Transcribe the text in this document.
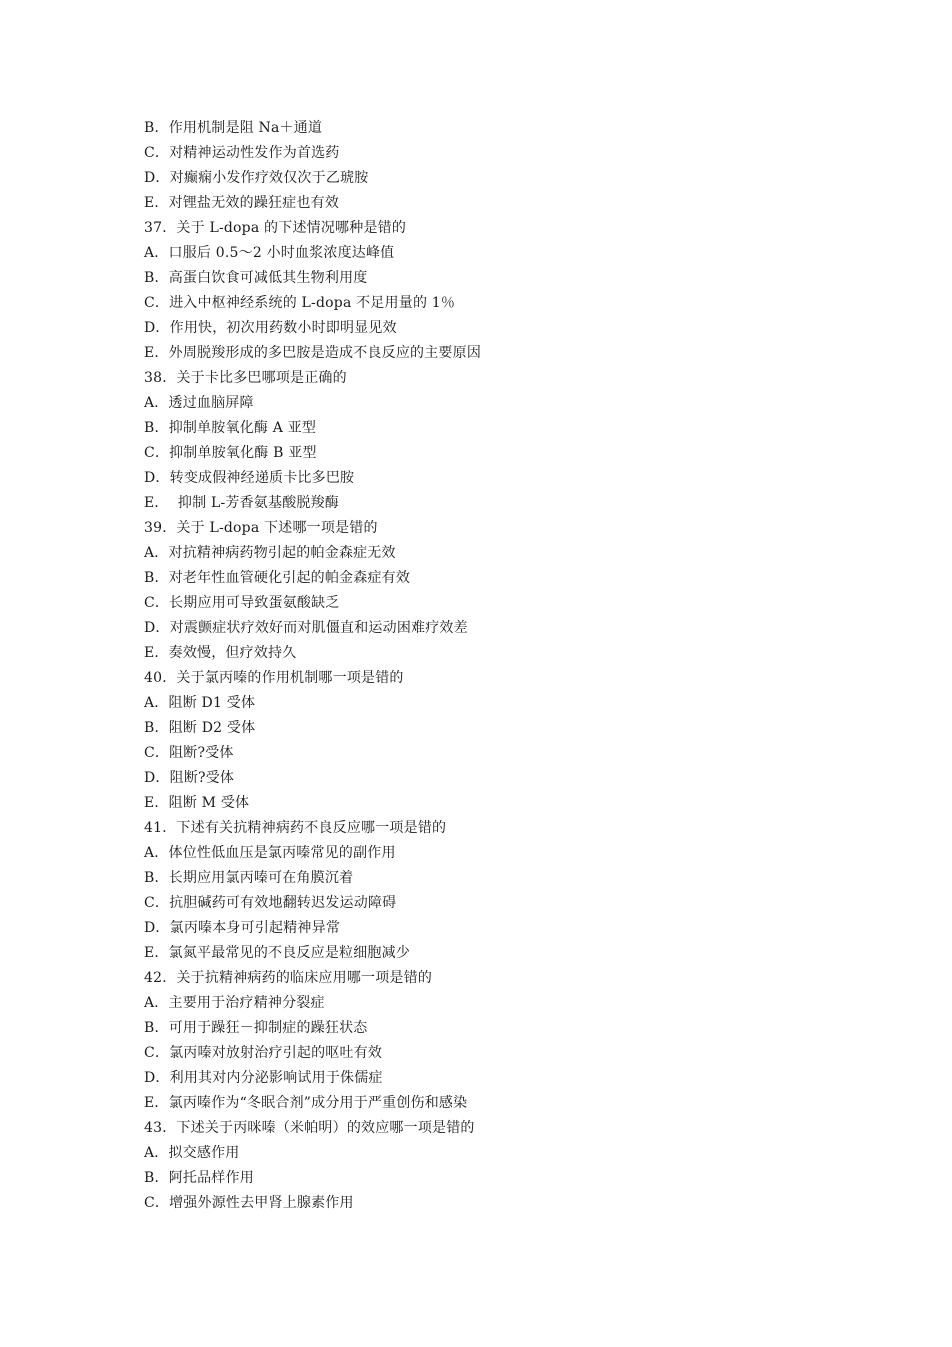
B．作用机制是阻 Na＋通道
C．对精神运动性发作为首选药
D．对癫痫小发作疗效仅次于乙琥胺
E．对锂盐无效的躁狂症也有效
37．关于 L-dopa 的下述情况哪种是错的
A．口服后 0.5～2 小时血浆浓度达峰值
B．高蛋白饮食可减低其生物利用度
C．进入中枢神经系统的 L-dopa 不足用量的 1％
D．作用快，初次用药数小时即明显见效
E．外周脱羧形成的多巴胺是造成不良反应的主要原因
38．关于卡比多巴哪项是正确的
A．透过血脑屏障
B．抑制单胺氧化酶 A 亚型
C．抑制单胺氧化酶 B 亚型
D．转变成假神经递质卡比多巴胺
E．  抑制 L-芳香氨基酸脱羧酶
39．关于 L-dopa 下述哪一项是错的
A．对抗精神病药物引起的帕金森症无效
B．对老年性血管硬化引起的帕金森症有效
C．长期应用可导致蛋氨酸缺乏
D．对震颤症状疗效好而对肌僵直和运动困难疗效差
E．奏效慢，但疗效持久
40．关于氯丙嗪的作用机制哪一项是错的
A．阻断 D1 受体
B．阻断 D2 受体
C．阻断?受体
D．阻断?受体
E．阻断 M 受体
41．下述有关抗精神病药不良反应哪一项是错的
A．体位性低血压是氯丙嗪常见的副作用
B．长期应用氯丙嗪可在角膜沉着
C．抗胆碱药可有效地翻转迟发运动障碍
D．氯丙嗪本身可引起精神异常
E．氯氮平最常见的不良反应是粒细胞减少
42．关于抗精神病药的临床应用哪一项是错的
A．主要用于治疗精神分裂症
B．可用于躁狂－抑制症的躁狂状态
C．氯丙嗪对放射治疗引起的呕吐有效
D．利用其对内分泌影响试用于侏儒症
E．氯丙嗪作为“冬眠合剂”成分用于严重创伤和感染
43．下述关于丙咪嗪（米帕明）的效应哪一项是错的
A．拟交感作用
B．阿托品样作用
C．增强外源性去甲肾上腺素作用
